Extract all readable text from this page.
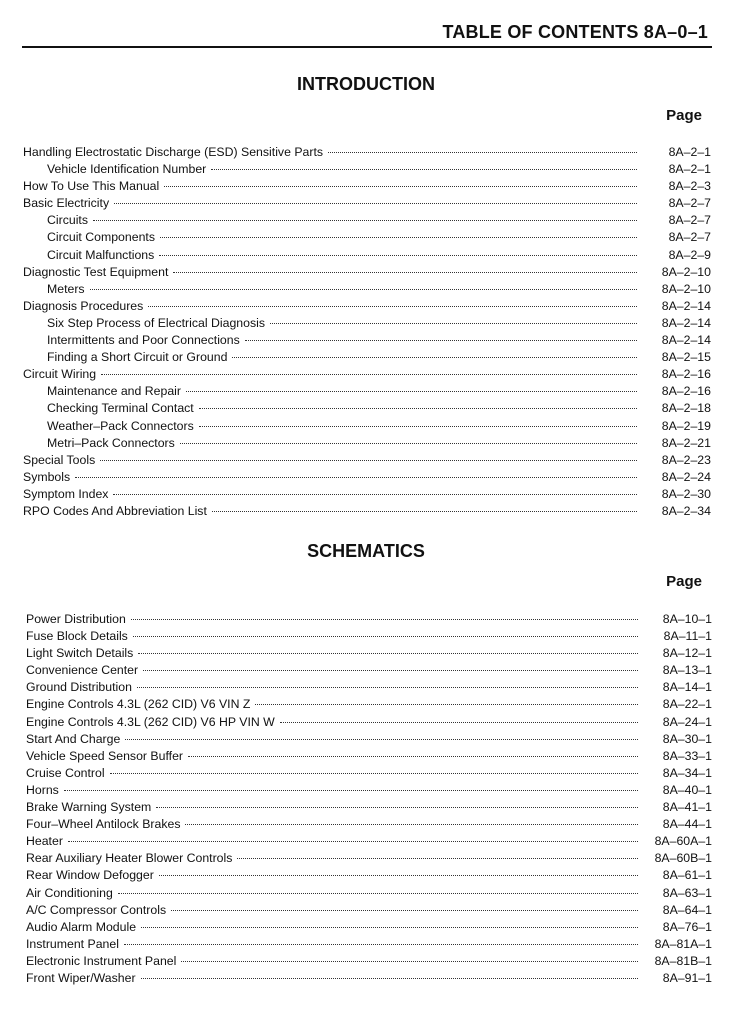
TABLE OF CONTENTS 8A–0–1
INTRODUCTION
Page
Handling Electrostatic Discharge (ESD) Sensitive Parts	8A–2–1
Vehicle Identification Number	8A–2–1
How To Use This Manual	8A–2–3
Basic Electricity	8A–2–7
Circuits	8A–2–7
Circuit Components	8A–2–7
Circuit Malfunctions	8A–2–9
Diagnostic Test Equipment	8A–2–10
Meters	8A–2–10
Diagnosis Procedures	8A–2–14
Six Step Process of Electrical Diagnosis	8A–2–14
Intermittents and Poor Connections	8A–2–14
Finding a Short Circuit or Ground	8A–2–15
Circuit Wiring	8A–2–16
Maintenance and Repair	8A–2–16
Checking Terminal Contact	8A–2–18
Weather–Pack Connectors	8A–2–19
Metri–Pack Connectors	8A–2–21
Special Tools	8A–2–23
Symbols	8A–2–24
Symptom Index	8A–2–30
RPO Codes And Abbreviation List	8A–2–34
SCHEMATICS
Page
Power Distribution	8A–10–1
Fuse Block Details	8A–11–1
Light Switch Details	8A–12–1
Convenience Center	8A–13–1
Ground Distribution	8A–14–1
Engine Controls 4.3L (262 CID) V6 VIN Z	8A–22–1
Engine Controls 4.3L (262 CID) V6 HP VIN W	8A–24–1
Start And Charge	8A–30–1
Vehicle Speed Sensor Buffer	8A–33–1
Cruise Control	8A–34–1
Horns	8A–40–1
Brake Warning System	8A–41–1
Four–Wheel Antilock Brakes	8A–44–1
Heater	8A–60A–1
Rear Auxiliary Heater Blower Controls	8A–60B–1
Rear Window Defogger	8A–61–1
Air Conditioning	8A–63–1
A/C Compressor Controls	8A–64–1
Audio Alarm Module	8A–76–1
Instrument Panel	8A–81A–1
Electronic Instrument Panel	8A–81B–1
Front Wiper/Washer	8A–91–1
